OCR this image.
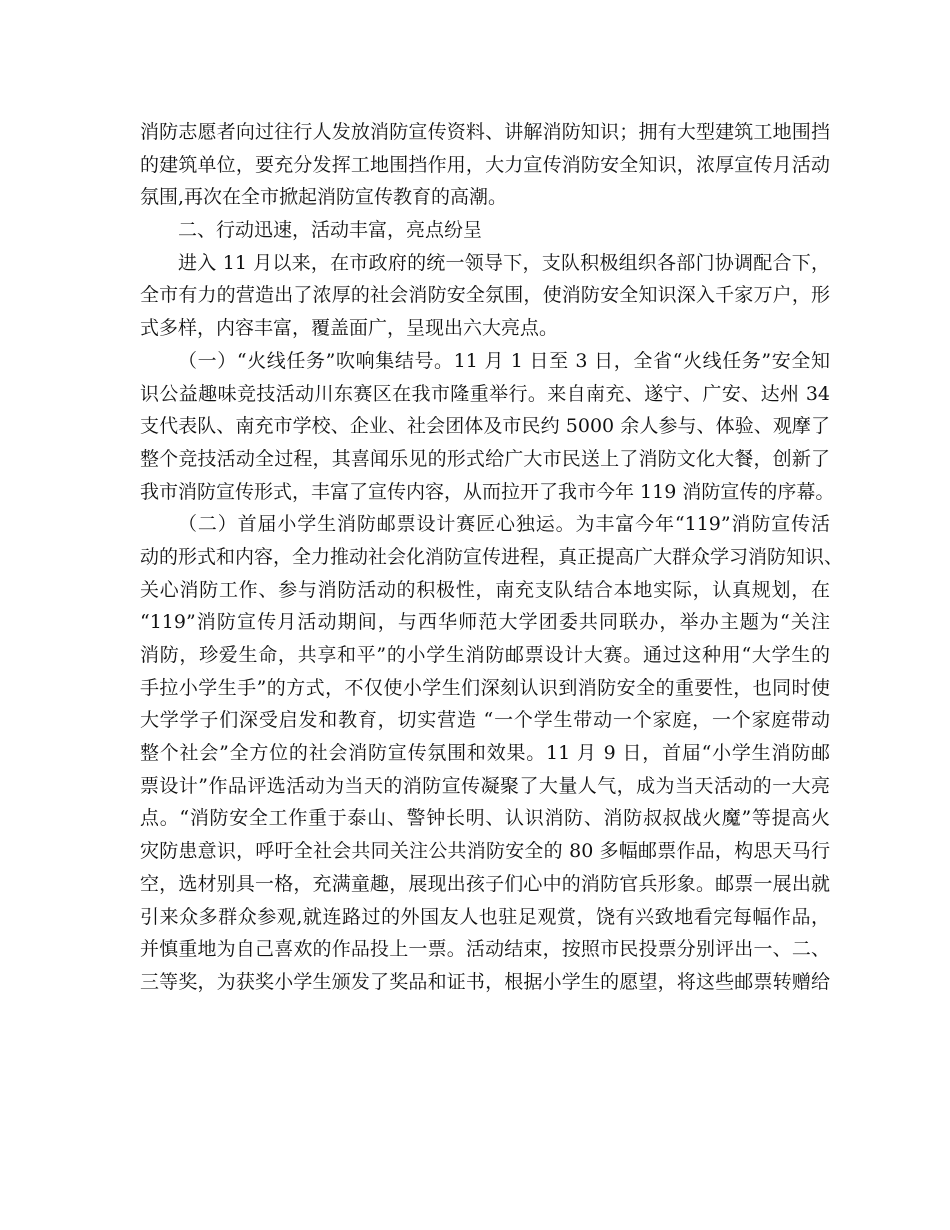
消防志愿者向过往行人发放消防宣传资料、讲解消防知识；拥有大型建筑工地围挡
的建筑单位，要充分发挥工地围挡作用，大力宣传消防安全知识，浓厚宣传月活动
氛围,再次在全市掀起消防宣传教育的高潮。
二、行动迅速，活动丰富，亮点纷呈
进入 11 月以来，在市政府的统一领导下，支队积极组织各部门协调配合下，
全市有力的营造出了浓厚的社会消防安全氛围，使消防安全知识深入千家万户，形
式多样，内容丰富，覆盖面广，呈现出六大亮点。
（一）“火线任务”吹响集结号。11 月 1 日至 3 日，全省“火线任务”安全知
识公益趣味竞技活动川东赛区在我市隆重举行。来自南充、遂宁、广安、达州 34
支代表队、南充市学校、企业、社会团体及市民约 5000 余人参与、体验、观摩了
整个竞技活动全过程，其喜闻乐见的形式给广大市民送上了消防文化大餐，创新了
我市消防宣传形式，丰富了宣传内容，从而拉开了我市今年 119 消防宣传的序幕。
（二）首届小学生消防邮票设计赛匠心独运。为丰富今年“119”消防宣传活
动的形式和内容，全力推动社会化消防宣传进程，真正提高广大群众学习消防知识、
关心消防工作、参与消防活动的积极性，南充支队结合本地实际，认真规划，在
“119”消防宣传月活动期间，与西华师范大学团委共同联办，举办主题为“关注
消防，珍爱生命，共享和平”的小学生消防邮票设计大赛。通过这种用“大学生的
手拉小学生手”的方式，不仅使小学生们深刻认识到消防安全的重要性，也同时使
大学学子们深受启发和教育，切实营造 “一个学生带动一个家庭，一个家庭带动
整个社会”全方位的社会消防宣传氛围和效果。11 月 9 日，首届“小学生消防邮
票设计”作品评选活动为当天的消防宣传凝聚了大量人气，成为当天活动的一大亮
点。“消防安全工作重于泰山、警钟长明、认识消防、消防叔叔战火魔”等提高火
灾防患意识，呼吁全社会共同关注公共消防安全的 80 多幅邮票作品，构思天马行
空，选材别具一格，充满童趣，展现出孩子们心中的消防官兵形象。邮票一展出就
引来众多群众参观,就连路过的外国友人也驻足观赏，饶有兴致地看完每幅作品，
并慎重地为自己喜欢的作品投上一票。活动结束，按照市民投票分别评出一、二、
三等奖，为获奖小学生颁发了奖品和证书，根据小学生的愿望，将这些邮票转赠给
